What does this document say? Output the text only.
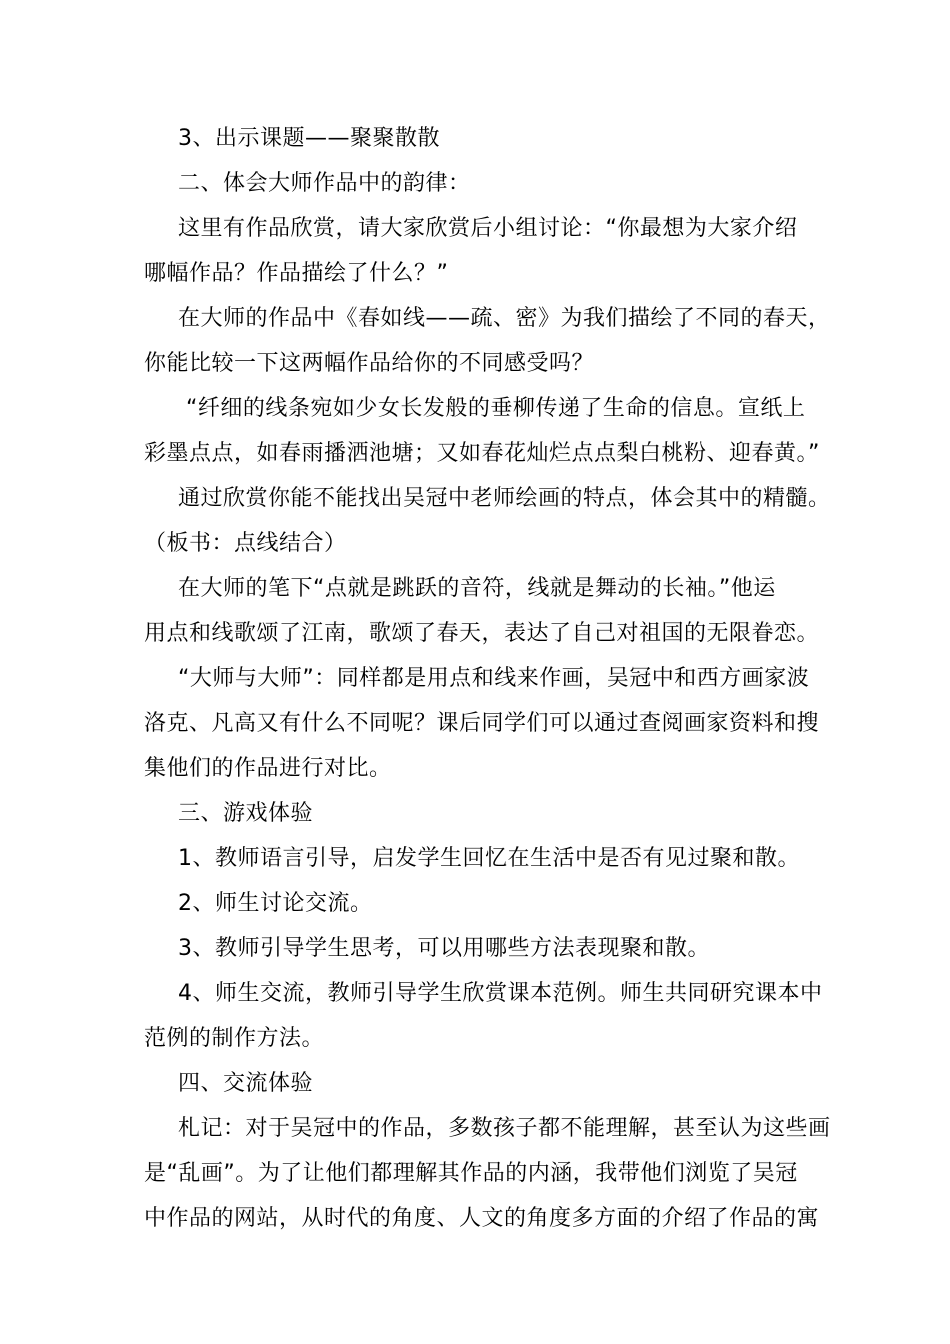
3、出示课题——聚聚散散
二、体会大师作品中的韵律：
这里有作品欣赏，请大家欣赏后小组讨论：“你最想为大家介绍
哪幅作品？作品描绘了什么？”
在大师的作品中《春如线——疏、密》为我们描绘了不同的春天，
你能比较一下这两幅作品给你的不同感受吗？
“纤细的线条宛如少女长发般的垂柳传递了生命的信息。宣纸上
彩墨点点，如春雨播洒池塘；又如春花灿烂点点梨白桃粉、迎春黄。”
通过欣赏你能不能找出吴冠中老师绘画的特点，体会其中的精髓。
（板书：点线结合）
在大师的笔下“点就是跳跃的音符，线就是舞动的长袖。”他运
用点和线歌颂了江南，歌颂了春天，表达了自己对祖国的无限眷恋。
“大师与大师”：同样都是用点和线来作画，吴冠中和西方画家波
洛克、凡高又有什么不同呢？课后同学们可以通过查阅画家资料和搜
集他们的作品进行对比。
三、游戏体验
1、教师语言引导，启发学生回忆在生活中是否有见过聚和散。
2、师生讨论交流。
3、教师引导学生思考，可以用哪些方法表现聚和散。
4、师生交流，教师引导学生欣赏课本范例。师生共同研究课本中
范例的制作方法。
四、交流体验
札记：对于吴冠中的作品，多数孩子都不能理解，甚至认为这些画
是“乱画”。为了让他们都理解其作品的内涵，我带他们浏览了吴冠
中作品的网站，从时代的角度、人文的角度多方面的介绍了作品的寓
